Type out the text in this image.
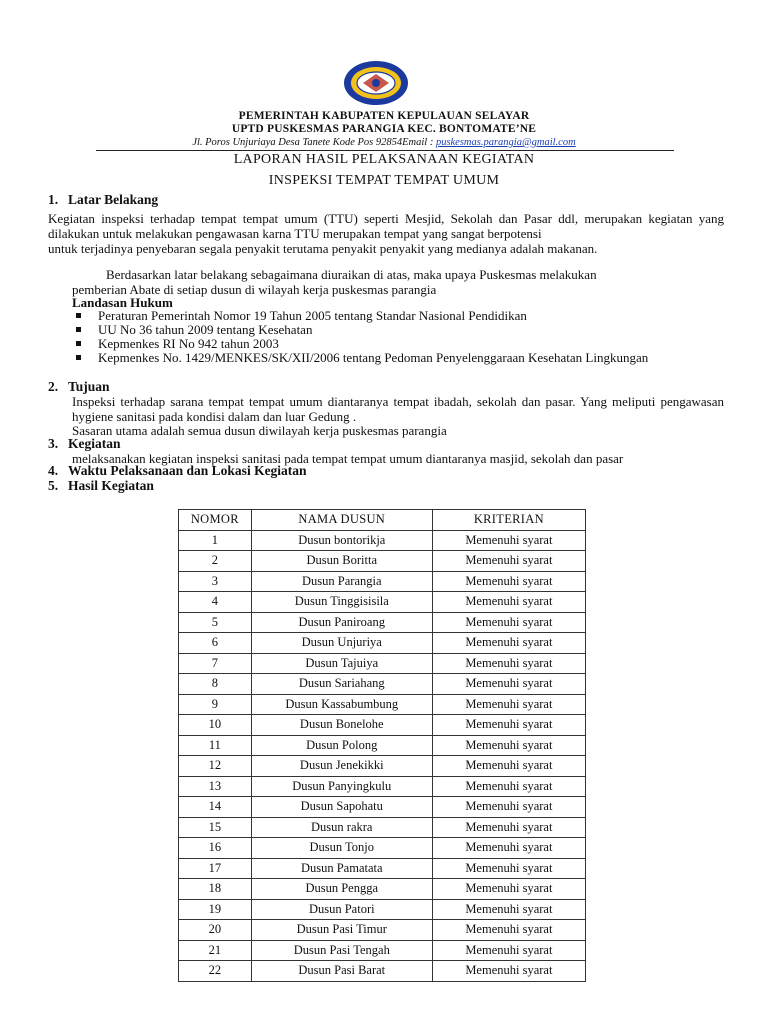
PEMERINTAH KABUPATEN KEPULAUAN SELAYAR
UPTD PUSKESMAS PARANGIA KEC. BONTOMATE’NE
Jl. Poros Unjuriaya Desa Tanete Kode Pos 92854Email : puskesmas.parangia@gmail.com
LAPORAN HASIL PELAKSANAAN KEGIATAN
INSPEKSI TEMPAT TEMPAT UMUM
1. Latar Belakang
Kegiatan inspeksi terhadap tempat tempat umum (TTU) seperti Mesjid, Sekolah dan Pasar ddl, merupakan kegiatan yang dilakukan untuk melakukan pengawasan karna TTU merupakan tempat yang sangat berpotensi
untuk terjadinya penyebaran segala penyakit terutama penyakit penyakit yang medianya adalah makanan.
Berdasarkan latar belakang sebagaimana diuraikan di atas, maka upaya Puskesmas melakukan
pemberian Abate di setiap dusun di wilayah kerja puskesmas parangia
Landasan Hukum
Peraturan Pemerintah Nomor 19 Tahun 2005 tentang Standar Nasional Pendidikan
UU No 36 tahun 2009 tentang Kesehatan
Kepmenkes RI No 942 tahun 2003
Kepmenkes No. 1429/MENKES/SK/XII/2006 tentang Pedoman Penyelenggaraan Kesehatan Lingkungan
2. Tujuan
Inspeksi terhadap sarana tempat tempat umum diantaranya tempat ibadah, sekolah dan pasar. Yang meliputi pengawasan hygiene sanitasi pada kondisi dalam dan luar Gedung .
Sasaran utama adalah semua dusun diwilayah kerja puskesmas parangia
3. Kegiatan
melaksanakan kegiatan inspeksi sanitasi pada tempat tempat umum diantaranya masjid, sekolah dan pasar
4. Waktu Pelaksanaan dan Lokasi Kegiatan
5. Hasil Kegiatan
NOMOR	NAMA DUSUN	KRITERIAN
1	Dusun bontorikja	Memenuhi syarat
2	Dusun Boritta	Memenuhi syarat
3	Dusun Parangia	Memenuhi syarat
4	Dusun Tinggisisila	Memenuhi syarat
5	Dusun Paniroang	Memenuhi syarat
6	Dusun Unjuriya	Memenuhi syarat
7	Dusun Tajuiya	Memenuhi syarat
8	Dusun Sariahang	Memenuhi syarat
9	Dusun Kassabumbung	Memenuhi syarat
10	Dusun Bonelohe	Memenuhi syarat
11	Dusun Polong	Memenuhi syarat
12	Dusun Jenekikki	Memenuhi syarat
13	Dusun Panyingkulu	Memenuhi syarat
14	Dusun Sapohatu	Memenuhi syarat
15	Dusun rakra	Memenuhi syarat
16	Dusun Tonjo	Memenuhi syarat
17	Dusun Pamatata	Memenuhi syarat
18	Dusun Pengga	Memenuhi syarat
19	Dusun Patori	Memenuhi syarat
20	Dusun Pasi Timur	Memenuhi syarat
21	Dusun Pasi Tengah	Memenuhi syarat
22	Dusun Pasi Barat	Memenuhi syarat
